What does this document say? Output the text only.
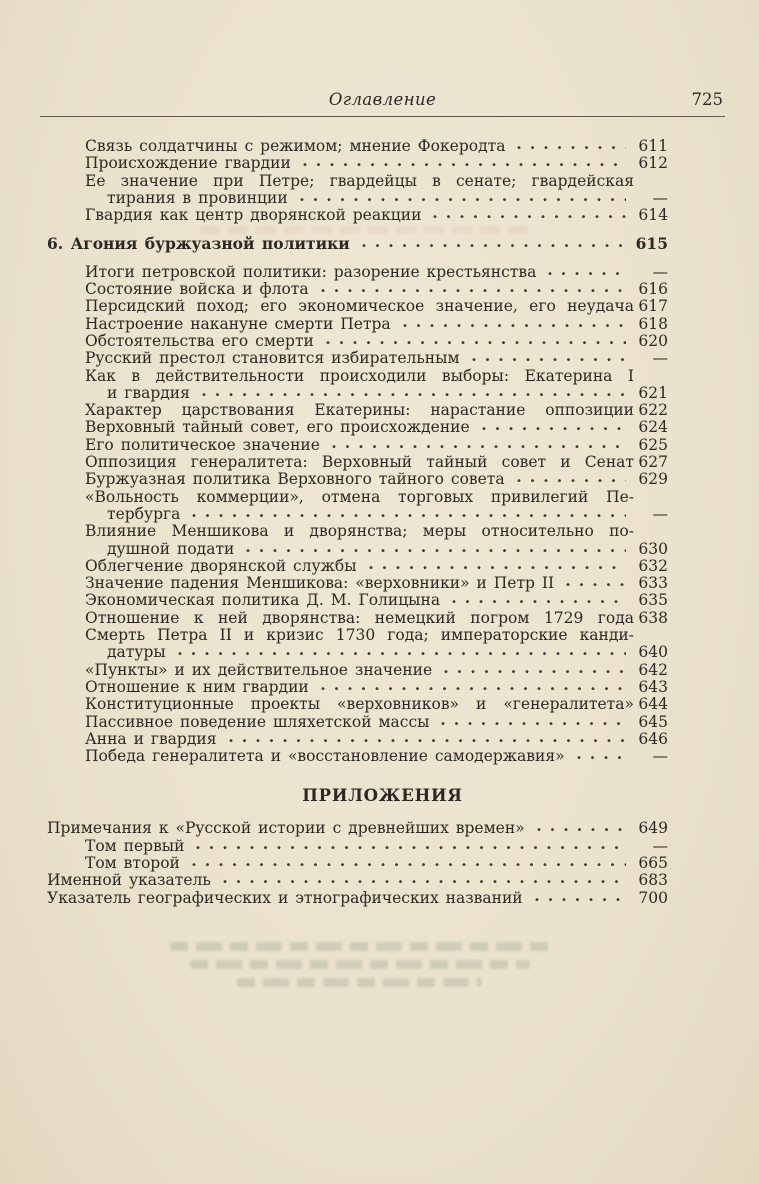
Оглавление	725
Связь солдатчины с режимом; мнение Фокеродта	611
Происхождение гвардии	612
Ее значение при Петре; гвардейцы в сенате; гвардейская
тирания в провинции	—
Гвардия как центр дворянской реакции	614
6. Агония буржуазной политики	615
Итоги петровской политики: разорение крестьянства	—
Состояние войска и флота	616
Персидский поход; его экономическое значение, его неудача 617
Настроение накануне смерти Петра	618
Обстоятельства его смерти	620
Русский престол становится избирательным	—
Как в действительности происходили выборы: Екатерина I
и гвардия	621
Характер царствования Екатерины: нарастание оппозиции 622
Верховный тайный совет, его происхождение	624
Его политическое значение	625
Оппозиция генералитета: Верховный тайный совет и Сенат 627
Буржуазная политика Верховного тайного совета	629
«Вольность коммерции», отмена торговых привилегий Пе-
тербурга	—
Влияние Меншикова и дворянства; меры относительно по-
душной подати	630
Облегчение дворянской службы	632
Значение падения Меншикова: «верховники» и Петр II	633
Экономическая политика Д. М. Голицына	635
Отношение к ней дворянства: немецкий погром 1729 года 638
Смерть Петра II и кризис 1730 года; императорские канди-
датуры	640
«Пункты» и их действительное значение	642
Отношение к ним гвардии	643
Конституционные проекты «верховников» и «генералитета» 644
Пассивное поведение шляхетской массы	645
Анна и гвардия	646
Победа генералитета и «восстановление самодержавия»	—
ПРИЛОЖЕНИЯ
Примечания к «Русской истории с древнейших времен»	649
Том первый	—
Том второй	665
Именной указатель	683
Указатель географических и этнографических названий	700
